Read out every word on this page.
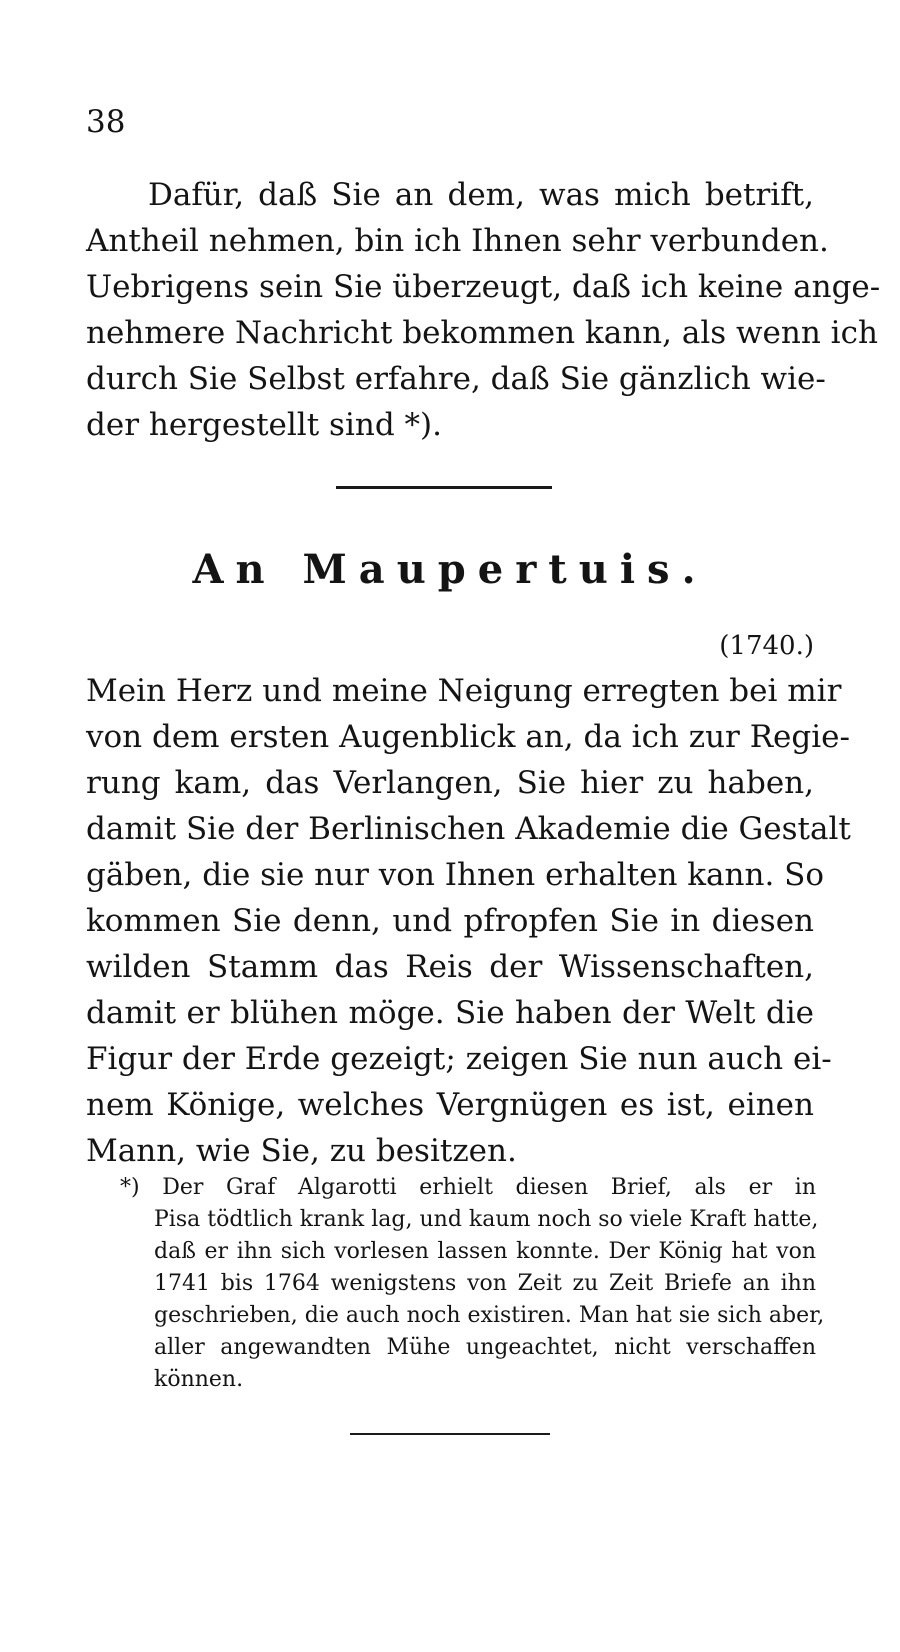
38
Dafür, daß Sie an dem, was mich betrift,
Antheil nehmen, bin ich Ihnen sehr verbunden.
Uebrigens sein Sie überzeugt, daß ich keine ange-
nehmere Nachricht bekommen kann, als wenn ich
durch Sie Selbst erfahre, daß Sie gänzlich wie-
der hergestellt sind *).
An Maupertuis.
(1740.)
Mein Herz und meine Neigung erregten bei mir
von dem ersten Augenblick an, da ich zur Regie-
rung kam, das Verlangen, Sie hier zu haben,
damit Sie der Berlinischen Akademie die Gestalt
gäben, die sie nur von Ihnen erhalten kann. So
kommen Sie denn, und pfropfen Sie in diesen
wilden Stamm das Reis der Wissenschaften,
damit er blühen möge. Sie haben der Welt die
Figur der Erde gezeigt; zeigen Sie nun auch ei-
nem Könige, welches Vergnügen es ist, einen
Mann, wie Sie, zu besitzen.
*) Der Graf Algarotti erhielt diesen Brief, als er in
Pisa tödtlich krank lag, und kaum noch so viele Kraft hatte,
daß er ihn sich vorlesen lassen konnte. Der König hat von
1741 bis 1764 wenigstens von Zeit zu Zeit Briefe an ihn
geschrieben, die auch noch existiren. Man hat sie sich aber,
aller angewandten Mühe ungeachtet, nicht verschaffen
können.
